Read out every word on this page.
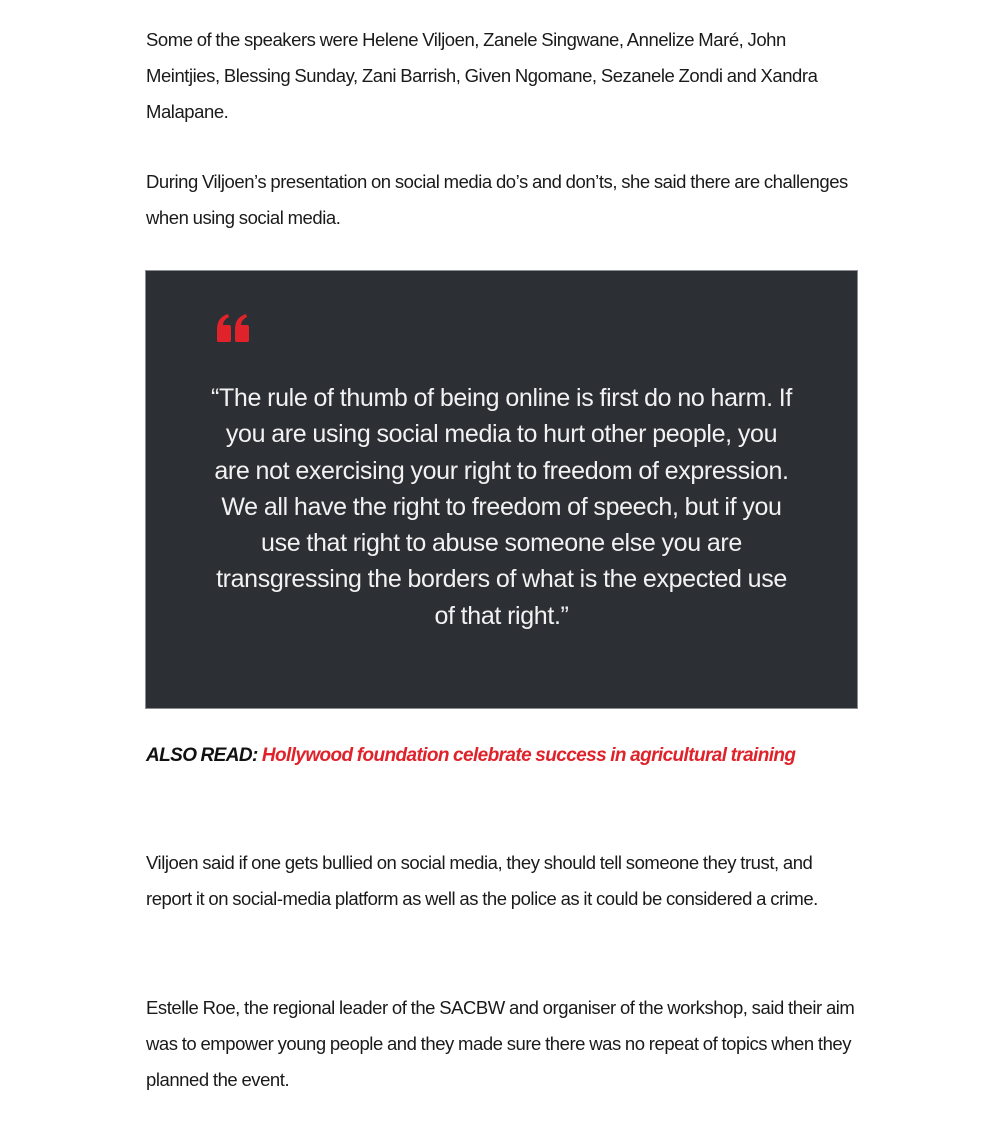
Some of the speakers were Helene Viljoen, Zanele Singwane, Annelize Maré, John Meintjies, Blessing Sunday, Zani Barrish, Given Ngomane, Sezanele Zondi and Xandra Malapane.

During Viljoen’s presentation on social media do’s and don’ts, she said there are challenges when using social media.

“The rule of thumb of being online is first do no harm. If you are using social media to hurt other people, you are not exercising your right to freedom of expression. We all have the right to freedom of speech, but if you use that right to abuse someone else you are transgressing the borders of what is the expected use of that right.”

ALSO READ: Hollywood foundation celebrate success in agricultural training

Viljoen said if one gets bullied on social media, they should tell someone they trust, and report it on social-media platform as well as the police as it could be considered a crime.

Estelle Roe, the regional leader of the SACBW and organiser of the workshop, said their aim was to empower young people and they made sure there was no repeat of topics when they planned the event.
